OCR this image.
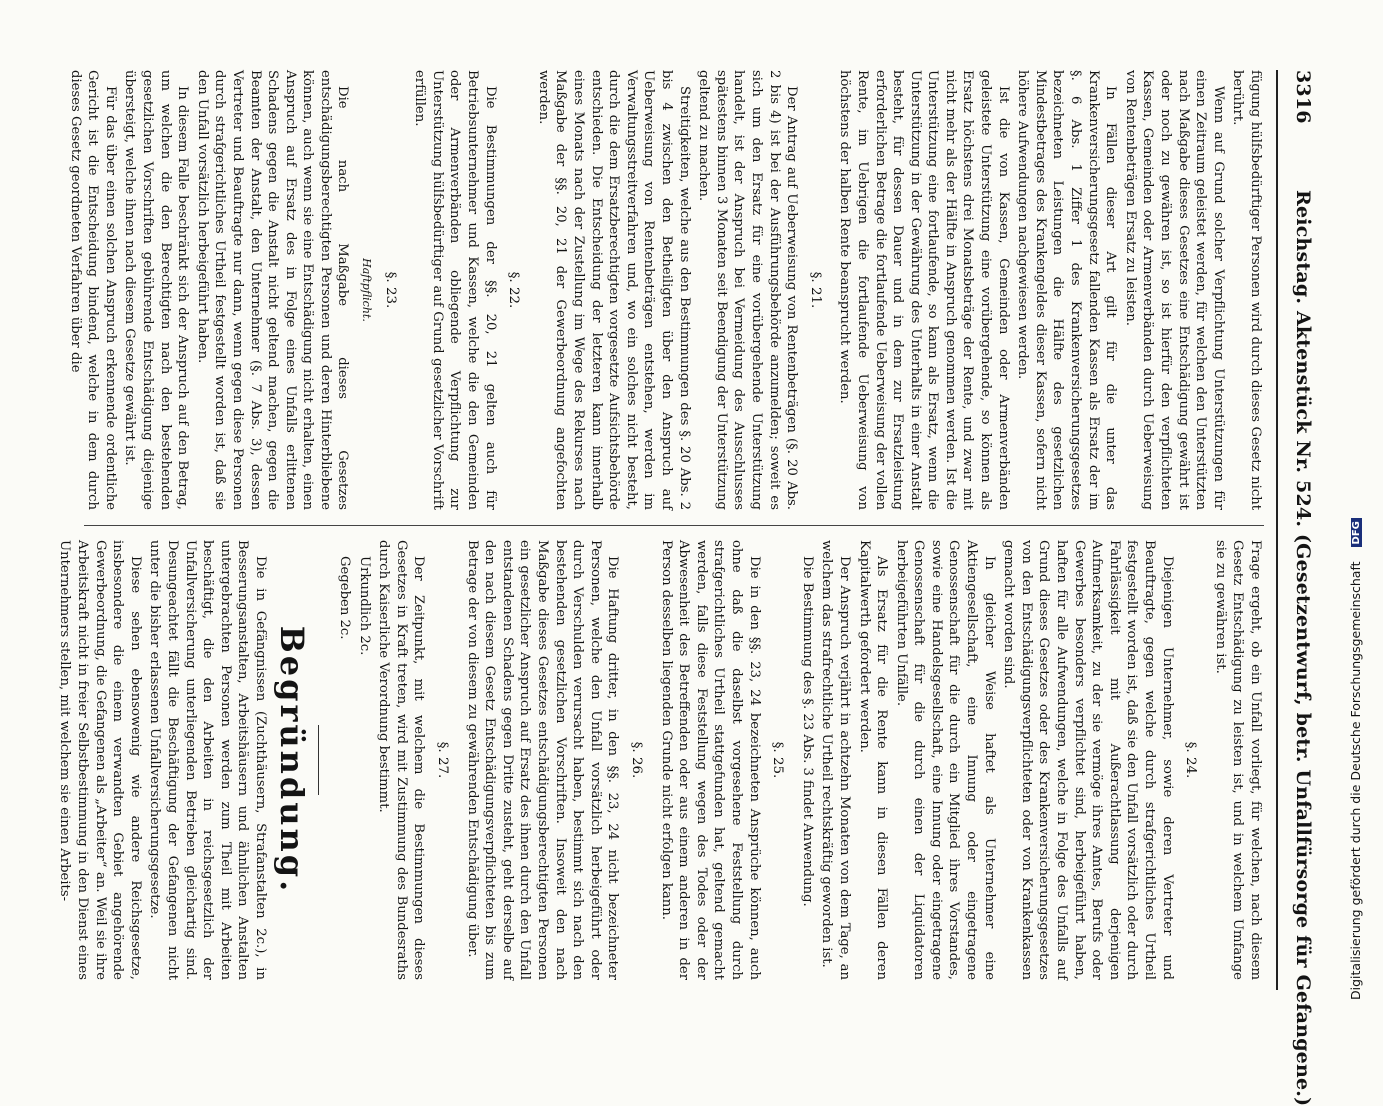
3316
Reichstag. Aktenstück Nr. 524. (Gesetzentwurf, betr. Unfallfürsorge für Gefangene.)

fügung hülfsbedürftiger Personen wird durch dieses Gesetz nicht berührt.

Wenn auf Grund solcher Verpflichtung Unterstützungen für einen Zeitraum geleistet werden, für welchen den Unterstützten nach Maßgabe dieses Gesetzes eine Entschädigung gewährt ist oder noch zu gewähren ist, so ist hierfür den verpflichteten Kassen, Gemeinden oder Armenverbänden durch Ueberweisung von Rentenbeträgen Ersatz zu leisten.

In Fällen dieser Art gilt für die unter das Krankenversicherungsgesetz fallenden Kassen als Ersatz der im §. 6 Abs. 1 Ziffer 1 des Krankenversicherungsgesetzes bezeichneten Leistungen die Hälfte des gesetzlichen Mindestbetrages des Krankengeldes dieser Kassen, sofern nicht höhere Aufwendungen nachgewiesen werden.

Ist die von Kassen, Gemeinden oder Armenverbänden geleistete Unterstützung eine vorübergehende, so können als Ersatz höchstens drei Monatsbeträge der Rente, und zwar mit nicht mehr als der Hälfte in Anspruch genommen werden. Ist die Unterstützung eine fortlaufende, so kann als Ersatz, wenn die Unterstützung in der Gewährung des Unterhalts in einer Anstalt besteht, für dessen Dauer und in dem zur Ersatzleistung erforderlichen Betrage die fortlaufende Ueberweisung der vollen Rente, im Uebrigen die fortlaufende Ueberweisung von höchstens der halben Rente beansprucht werden.

§. 21.

Der Antrag auf Ueberweisung von Rentenbeträgen (§. 20 Abs. 2 bis 4) ist bei der Ausführungsbehörde anzumelden; soweit es sich um den Ersatz für eine vorübergehende Unterstützung handelt, ist der Anspruch bei Vermeidung des Ausschlusses spätestens binnen 3 Monaten seit Beendigung der Unterstützung geltend zu machen.

Streitigkeiten, welche aus den Bestimmungen des §. 20 Abs. 2 bis 4 zwischen den Betheiligten über den Anspruch auf Ueberweisung von Rentenbeträgen entstehen, werden im Verwaltungsstreitverfahren und, wo ein solches nicht besteht, durch die dem Ersatzberechtigten vorgesetzte Aufsichtsbehörde entschieden. Die Entscheidung der letzteren kann innerhalb eines Monats nach der Zustellung im Wege des Rekurses nach Maßgabe der §§. 20, 21 der Gewerbeordnung angefochten werden.

§. 22.

Die Bestimmungen der §§. 20, 21 gelten auch für Betriebsunternehmer und Kassen, welche die den Gemeinden oder Armenverbänden obliegende Verpflichtung zur Unterstützung hülfsbedürftiger auf Grund gesetzlicher Vorschrift erfüllen.

§. 23.
Haftpflicht.

Die nach Maßgabe dieses Gesetzes entschädigungsberechtigten Personen und deren Hinterbliebene können, auch wenn sie eine Entschädigung nicht erhalten, einen Anspruch auf Ersatz des in Folge eines Unfalls erlittenen Schadens gegen die Anstalt nicht geltend machen, gegen die Beamten der Anstalt, den Unternehmer (§. 7 Abs. 3), dessen Vertreter und Beauftragte nur dann, wenn gegen diese Personen durch strafgerichtliches Urtheil festgestellt worden ist, daß sie den Unfall vorsätzlich herbeigeführt haben.

In diesem Falle beschränkt sich der Anspruch auf den Betrag, um welchen die den Berechtigten nach den bestehenden gesetzlichen Vorschriften gebührende Entschädigung diejenige übersteigt, welche ihnen nach diesem Gesetze gewährt ist.

Für das über einen solchen Anspruch erkennende ordentliche Gericht ist die Entscheidung bindend, welche in dem durch dieses Gesetz geordneten Verfahren über die

Frage ergeht, ob ein Unfall vorliegt, für welchen, nach diesem Gesetz Entschädigung zu leisten ist, und in welchem Umfange sie zu gewähren ist.

§. 24.

Diejenigen Unternehmer, sowie deren Vertreter und Beauftragte, gegen welche durch strafgerichtliches Urtheil festgestellt worden ist, daß sie den Unfall vorsätzlich oder durch Fahrlässigkeit mit Außerachtlassung derjenigen Aufmerksamkeit, zu der sie vermöge ihres Amtes, Berufs oder Gewerbes besonders verpflichtet sind, herbeigeführt haben, haften für alle Aufwendungen, welche in Folge des Unfalls auf Grund dieses Gesetzes oder des Krankenversicherungsgesetzes von den Entschädigungsverpflichteten oder von Krankenkassen gemacht worden sind.

In gleicher Weise haftet als Unternehmer eine Aktiengesellschaft, eine Innung oder eingetragene Genossenschaft für die durch ein Mitglied ihres Vorstandes, sowie eine Handelsgesellschaft, eine Innung oder eingetragene Genossenschaft für die durch einen der Liquidatoren herbeigeführten Unfälle.

Als Ersatz für die Rente kann in diesen Fällen deren Kapitalwerth gefordert werden.

Der Anspruch verjährt in achtzehn Monaten von dem Tage, an welchem das strafrechtliche Urtheil rechtskräftig geworden ist.

Die Bestimmung des §. 23 Abs. 3 findet Anwendung.

§. 25.

Die in den §§. 23, 24 bezeichneten Ansprüche können, auch ohne daß die daselbst vorgesehene Feststellung durch strafgerichtliches Urtheil stattgefunden hat, geltend gemacht werden, falls diese Feststellung wegen des Todes oder der Abwesenheit des Betreffenden oder aus einem anderen in der Person desselben liegenden Grunde nicht erfolgen kann.

§. 26.

Die Haftung dritter, in den §§. 23, 24 nicht bezeichneter Personen, welche den Unfall vorsätzlich herbeigeführt oder durch Verschulden verursacht haben, bestimmt sich nach den bestehenden gesetzlichen Vorschriften. Insoweit den nach Maßgabe dieses Gesetzes entschädigungsberechtigten Personen ein gesetzlicher Anspruch auf Ersatz des ihnen durch den Unfall entstandenen Schadens gegen Dritte zusteht, geht derselbe auf den nach diesem Gesetz Entschädigungsverpflichteten bis zum Betrage der von diesem zu gewährenden Entschädigung über.

§. 27.

Der Zeitpunkt, mit welchem die Bestimmungen dieses Gesetzes in Kraft treten, wird mit Zustimmung des Bundesraths durch Kaiserliche Verordnung bestimmt.

Urkundlich 2c.

Gegeben 2c.

Begründung.

Die in Gefängnissen (Zuchthäusern, Strafanstalten 2c.), in Besserungsanstalten, Arbeitshäusern und ähnlichen Anstalten untergebrachten Personen werden zum Theil mit Arbeiten beschäftigt, die den Arbeiten in reichsgesetzlich der Unfallversicherung unterliegenden Betrieben gleichartig sind. Desungeachtet fällt die Beschäftigung der Gefangenen nicht unter die bisher erlassenen Unfallversicherungsgesetze.

Diese sehen ebensowenig wie andere Reichsgesetze, insbesondere die einem verwandten Gebiet angehörende Gewerbeordnung, die Gefangenen als „Arbeiter“ an. Weil sie ihre Arbeitskraft nicht in freier Selbstbestimmung in den Dienst eines Unternehmers stellen, mit welchem sie einen Arbeits-	Digitalisierung gefördert durch die Deutsche Forschungsgemeinschaft DFG
